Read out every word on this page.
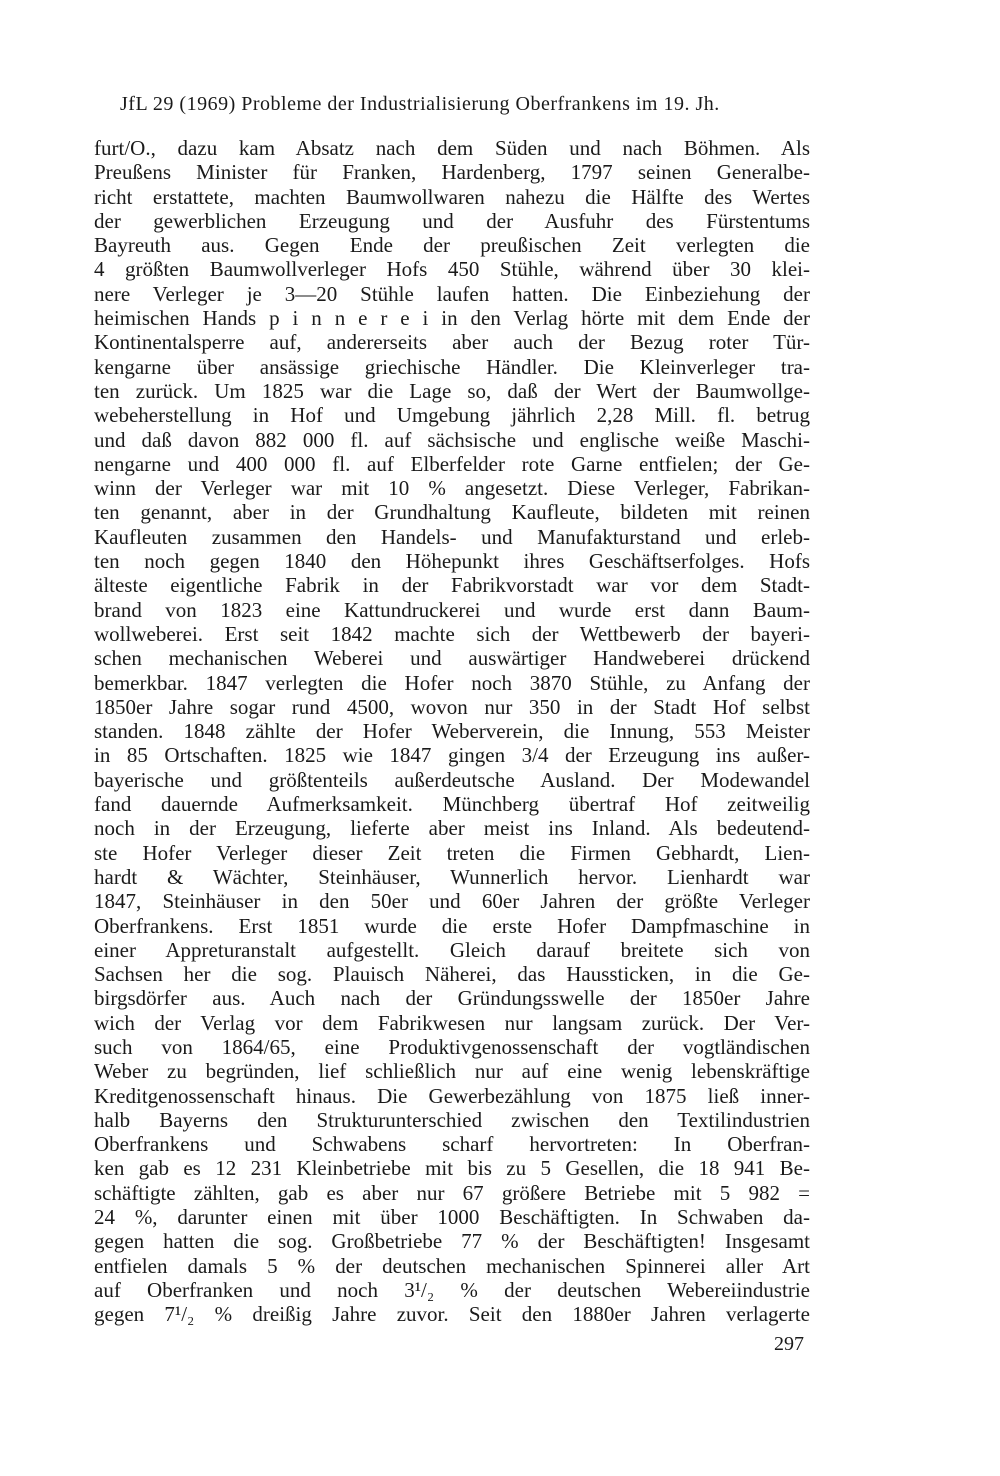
JfL 29 (1969) Probleme der Industrialisierung Oberfrankens im 19. Jh.
furt/O., dazu kam Absatz nach dem Süden und nach Böhmen. Als
Preußens Minister für Franken, Hardenberg, 1797 seinen Generalbe-
richt erstattete, machten Baumwollwaren nahezu die Hälfte des Wertes
der gewerblichen Erzeugung und der Ausfuhr des Fürstentums
Bayreuth aus. Gegen Ende der preußischen Zeit verlegten die
4 größten Baumwollverleger Hofs 450 Stühle, während über 30 klei-
nere Verleger je 3—20 Stühle laufen hatten. Die Einbeziehung der
heimischen Hands p i n n e r e i in den Verlag hörte mit dem Ende der
Kontinentalsperre auf, andererseits aber auch der Bezug roter Tür-
kengarne über ansässige griechische Händler. Die Kleinverleger tra-
ten zurück. Um 1825 war die Lage so, daß der Wert der Baumwollge-
webeherstellung in Hof und Umgebung jährlich 2,28 Mill. fl. betrug
und daß davon 882 000 fl. auf sächsische und englische weiße Maschi-
nengarne und 400 000 fl. auf Elberfelder rote Garne entfielen; der Ge-
winn der Verleger war mit 10 % angesetzt. Diese Verleger, Fabrikan-
ten genannt, aber in der Grundhaltung Kaufleute, bildeten mit reinen
Kaufleuten zusammen den Handels- und Manufakturstand und erleb-
ten noch gegen 1840 den Höhepunkt ihres Geschäftserfolges. Hofs
älteste eigentliche Fabrik in der Fabrikvorstadt war vor dem Stadt-
brand von 1823 eine Kattundruckerei und wurde erst dann Baum-
wollweberei. Erst seit 1842 machte sich der Wettbewerb der bayeri-
schen mechanischen Weberei und auswärtiger Handweberei drückend
bemerkbar. 1847 verlegten die Hofer noch 3870 Stühle, zu Anfang der
1850er Jahre sogar rund 4500, wovon nur 350 in der Stadt Hof selbst
standen. 1848 zählte der Hofer Weberverein, die Innung, 553 Meister
in 85 Ortschaften. 1825 wie 1847 gingen 3/4 der Erzeugung ins außer-
bayerische und größtenteils außerdeutsche Ausland. Der Modewandel
fand dauernde Aufmerksamkeit. Münchberg übertraf Hof zeitweilig
noch in der Erzeugung, lieferte aber meist ins Inland. Als bedeutend-
ste Hofer Verleger dieser Zeit treten die Firmen Gebhardt, Lien-
hardt & Wächter, Steinhäuser, Wunnerlich hervor. Lienhardt war
1847, Steinhäuser in den 50er und 60er Jahren der größte Verleger
Oberfrankens. Erst 1851 wurde die erste Hofer Dampfmaschine in
einer Appreturanstalt aufgestellt. Gleich darauf breitete sich von
Sachsen her die sog. Plauisch Näherei, das Haussticken, in die Ge-
birgsdörfer aus. Auch nach der Gründungsswelle der 1850er Jahre
wich der Verlag vor dem Fabrikwesen nur langsam zurück. Der Ver-
such von 1864/65, eine Produktivgenossenschaft der vogtländischen
Weber zu begründen, lief schließlich nur auf eine wenig lebenskräftige
Kreditgenossenschaft hinaus. Die Gewerbezählung von 1875 ließ inner-
halb Bayerns den Strukturunterschied zwischen den Textilindustrien
Oberfrankens und Schwabens scharf hervortreten: In Oberfran-
ken gab es 12 231 Kleinbetriebe mit bis zu 5 Gesellen, die 18 941 Be-
schäftigte zählten, gab es aber nur 67 größere Betriebe mit 5 982 =
24 %, darunter einen mit über 1000 Beschäftigten. In Schwaben da-
gegen hatten die sog. Großbetriebe 77 % der Beschäftigten! Insgesamt
entfielen damals 5 % der deutschen mechanischen Spinnerei aller Art
auf Oberfranken und noch 3¹/₂ % der deutschen Webereiindustrie
gegen 7¹/₂ % dreißig Jahre zuvor. Seit den 1880er Jahren verlagerte
297
